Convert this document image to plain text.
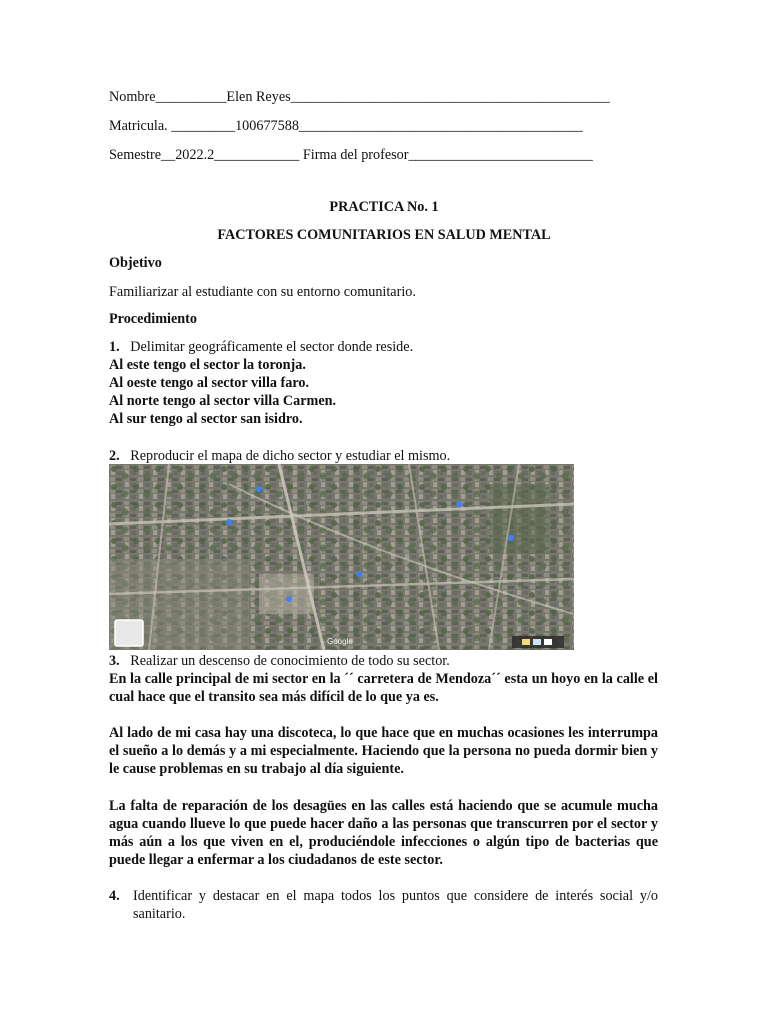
Nombre__________Elen Reyes_____________________________________________
Matricula. _________100677588________________________________________
Semestre__2022.2____________ Firma del profesor__________________________
PRACTICA No. 1
FACTORES COMUNITARIOS EN SALUD MENTAL
Objetivo
Familiarizar al estudiante con su entorno comunitario.
Procedimiento
1. Delimitar geográficamente el sector donde reside.
Al este tengo el sector la toronja.
Al oeste tengo al sector villa faro.
Al norte tengo al sector villa Carmen.
Al sur tengo al sector san isidro.
2. Reproducir el mapa de dicho sector y estudiar el mismo.
Google
3. Realizar un descenso de conocimiento de todo su sector.
En la calle principal de mi sector en la ´´ carretera de Mendoza´´ esta un hoyo en la calle el cual hace que el transito sea más difícil de lo que ya es.
Al lado de mi casa hay una discoteca, lo que hace que en muchas ocasiones les interrumpa el sueño a lo demás y a mi especialmente. Haciendo que la persona no pueda dormir bien y le cause problemas en su trabajo al día siguiente.
La falta de reparación de los desagües en las calles está haciendo que se acumule mucha agua cuando llueve lo que puede hacer daño a las personas que transcurren por el sector y más aún a los que viven en el, produciéndole infecciones o algún tipo de bacterias que puede llegar a enfermar a los ciudadanos de este sector.
4. Identificar y destacar en el mapa todos los puntos que considere de interés social y/o sanitario.
